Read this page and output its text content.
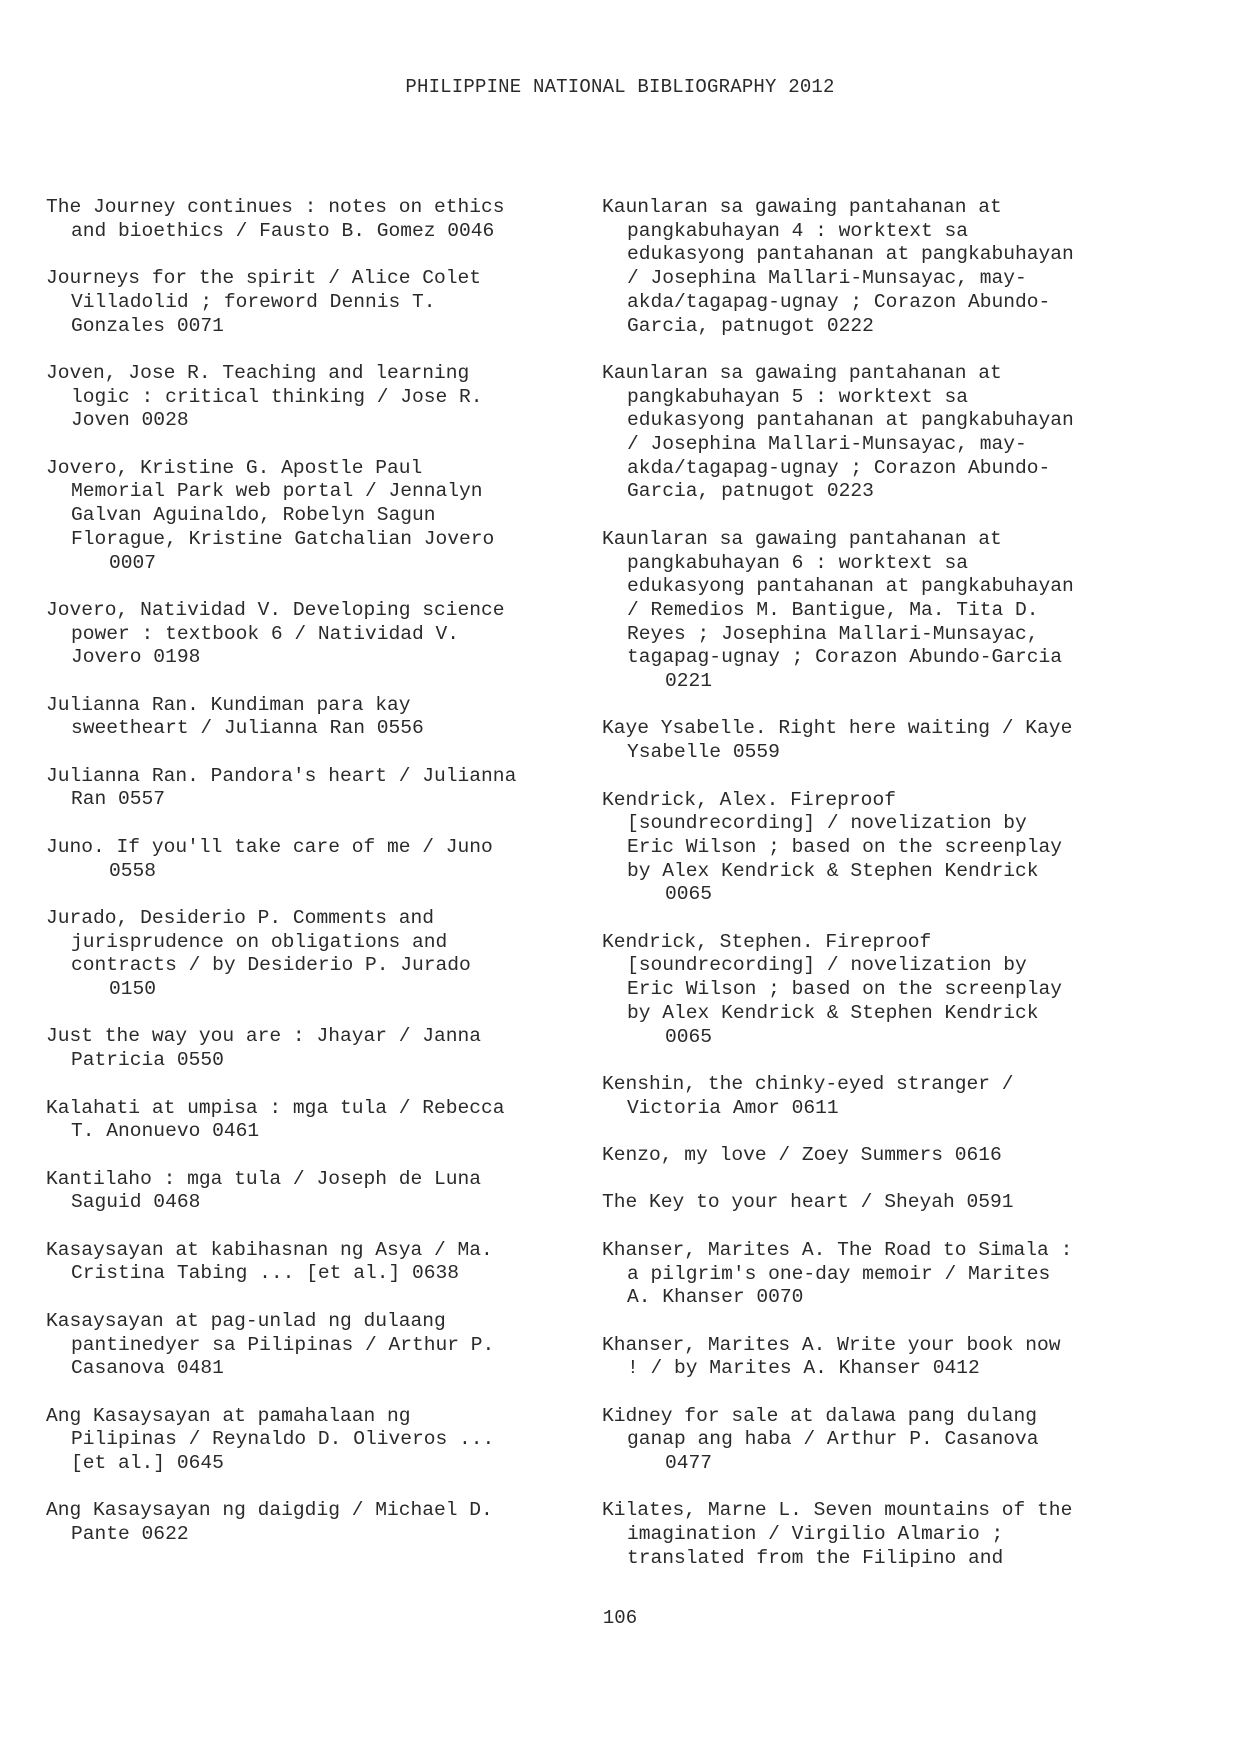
PHILIPPINE NATIONAL BIBLIOGRAPHY 2012
The Journey continues : notes on ethics
and bioethics / Fausto B. Gomez 0046
Journeys for the spirit / Alice Colet
Villadolid ; foreword Dennis T.
Gonzales 0071
Joven, Jose R. Teaching and learning
logic : critical thinking / Jose R.
Joven 0028
Jovero, Kristine G. Apostle Paul
Memorial Park web portal / Jennalyn
Galvan Aguinaldo, Robelyn Sagun
Florague, Kristine Gatchalian Jovero
0007
Jovero, Natividad V. Developing science
power : textbook 6 / Natividad V.
Jovero 0198
Julianna Ran. Kundiman para kay
sweetheart / Julianna Ran 0556
Julianna Ran. Pandora's heart / Julianna
Ran 0557
Juno. If you'll take care of me / Juno
0558
Jurado, Desiderio P. Comments and
jurisprudence on obligations and
contracts / by Desiderio P. Jurado
0150
Just the way you are : Jhayar / Janna
Patricia 0550
Kalahati at umpisa : mga tula / Rebecca
T. Anonuevo 0461
Kantilaho : mga tula / Joseph de Luna
Saguid 0468
Kasaysayan at kabihasnan ng Asya / Ma.
Cristina Tabing ... [et al.] 0638
Kasaysayan at pag-unlad ng dulaang
pantinedyer sa Pilipinas / Arthur P.
Casanova 0481
Ang Kasaysayan at pamahalaan ng
Pilipinas / Reynaldo D. Oliveros ...
[et al.] 0645
Ang Kasaysayan ng daigdig / Michael D.
Pante 0622
Kaunlaran sa gawaing pantahanan at
pangkabuhayan 4 : worktext sa
edukasyong pantahanan at pangkabuhayan
/ Josephina Mallari-Munsayac, may-
akda/tagapag-ugnay ; Corazon Abundo-
Garcia, patnugot 0222
Kaunlaran sa gawaing pantahanan at
pangkabuhayan 5 : worktext sa
edukasyong pantahanan at pangkabuhayan
/ Josephina Mallari-Munsayac, may-
akda/tagapag-ugnay ; Corazon Abundo-
Garcia, patnugot 0223
Kaunlaran sa gawaing pantahanan at
pangkabuhayan 6 : worktext sa
edukasyong pantahanan at pangkabuhayan
/ Remedios M. Bantigue, Ma. Tita D.
Reyes ; Josephina Mallari-Munsayac,
tagapag-ugnay ; Corazon Abundo-Garcia
0221
Kaye Ysabelle. Right here waiting / Kaye
Ysabelle 0559
Kendrick, Alex. Fireproof
[soundrecording] / novelization by
Eric Wilson ; based on the screenplay
by Alex Kendrick & Stephen Kendrick
0065
Kendrick, Stephen. Fireproof
[soundrecording] / novelization by
Eric Wilson ; based on the screenplay
by Alex Kendrick & Stephen Kendrick
0065
Kenshin, the chinky-eyed stranger /
Victoria Amor 0611
Kenzo, my love / Zoey Summers 0616
The Key to your heart / Sheyah 0591
Khanser, Marites A. The Road to Simala :
a pilgrim's one-day memoir / Marites
A. Khanser 0070
Khanser, Marites A. Write your book now
! / by Marites A. Khanser 0412
Kidney for sale at dalawa pang dulang
ganap ang haba / Arthur P. Casanova
0477
Kilates, Marne L. Seven mountains of the
imagination / Virgilio Almario ;
translated from the Filipino and
106
